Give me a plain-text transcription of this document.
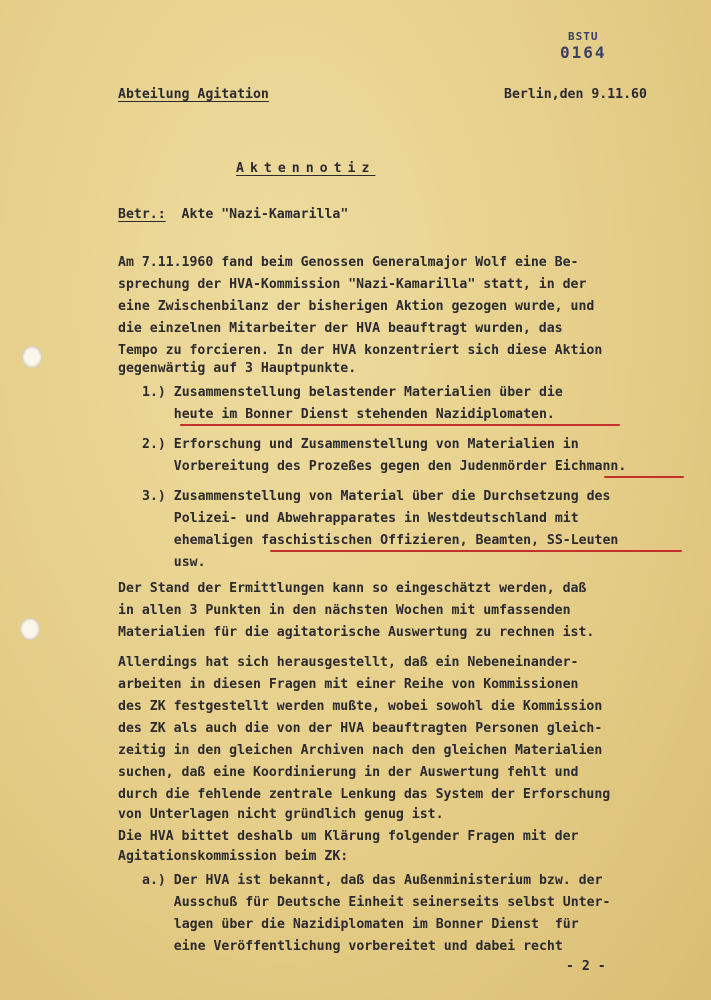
BSTU
0164
Abteilung Agitation	Berlin,den 9.11.60
Aktennotiz
Betr.: Akte "Nazi-Kamarilla"
Am 7.11.1960 fand beim Genossen Generalmajor Wolf eine Be-
sprechung der HVA-Kommission "Nazi-Kamarilla" statt, in der
eine Zwischenbilanz der bisherigen Aktion gezogen wurde, und
die einzelnen Mitarbeiter der HVA beauftragt wurden, das
Tempo zu forcieren. In der HVA konzentriert sich diese Aktion
gegenwärtig auf 3 Hauptpunkte.
1.) Zusammenstellung belastender Materialien über die
heute im Bonner Dienst stehenden Nazidiplomaten.
2.) Erforschung und Zusammenstellung von Materialien in
Vorbereitung des Prozeßes gegen den Judenmörder Eichmann.
3.) Zusammenstellung von Material über die Durchsetzung des
Polizei- und Abwehrapparates in Westdeutschland mit
ehemaligen faschistischen Offizieren, Beamten, SS-Leuten
usw.
Der Stand der Ermittlungen kann so eingeschätzt werden, daß
in allen 3 Punkten in den nächsten Wochen mit umfassenden
Materialien für die agitatorische Auswertung zu rechnen ist.
Allerdings hat sich herausgestellt, daß ein Nebeneinander-
arbeiten in diesen Fragen mit einer Reihe von Kommissionen
des ZK festgestellt werden mußte, wobei sowohl die Kommission
des ZK als auch die von der HVA beauftragten Personen gleich-
zeitig in den gleichen Archiven nach den gleichen Materialien
suchen, daß eine Koordinierung in der Auswertung fehlt und
durch die fehlende zentrale Lenkung das System der Erforschung
von Unterlagen nicht gründlich genug ist.
Die HVA bittet deshalb um Klärung folgender Fragen mit der
Agitationskommission beim ZK:
a.) Der HVA ist bekannt, daß das Außenministerium bzw. der
Ausschuß für Deutsche Einheit seinerseits selbst Unter-
lagen über die Nazidiplomaten im Bonner Dienst  für
eine Veröffentlichung vorbereitet und dabei recht
- 2 -
